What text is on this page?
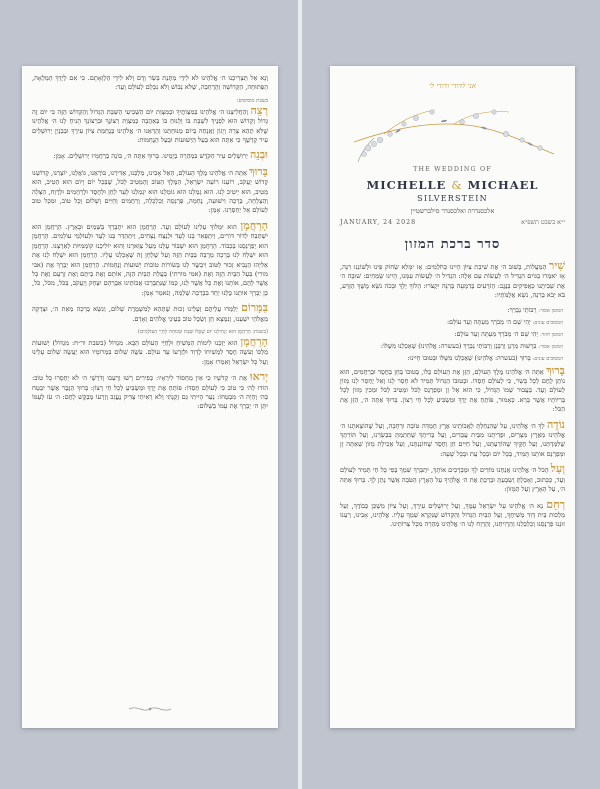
וְנָא אַל תַּצְרִיכֵנוּ ה׳ אֱלֹהֵינוּ לֹא לִידֵי מַתְּנַת בָּשָׂר וָדָם וְלֹא לִידֵי הַלְוָאָתָם. כִּי אִם לְיָדְךָ הַמְּלֵאָה, הַפְּתוּחָה, הַקְּדוֹשָׁה וְהָרְחָבָה, שֶׁלֹּא נֵבוֹשׁ וְלֹא נִכָּלֵם לְעוֹלָם וָעֶד:

בשבת מוסיפים:

רְצֵה וְהַחֲלִיצֵנוּ ה׳ אֱלֹהֵינוּ בְּמִצְוֹתֶיךָ וּבְמִצְוַת יוֹם הַשְּׁבִיעִי הַשַּׁבָּת הַגָּדוֹל וְהַקָּדוֹשׁ הַזֶּה כִּי יוֹם זֶה גָּדוֹל וְקָדוֹשׁ הוּא לְפָנֶיךָ לִשְׁבָּת בּוֹ וְלָנוּחַ בּוֹ בְּאַהֲבָה כְּמִצְוַת רְצוֹנֶךָ וּבִרְצוֹנְךָ הָנִיחַ לָנוּ ה׳ אֱלֹהֵינוּ שֶׁלֹּא תְהֵא צָרָה וְיָגוֹן וַאֲנָחָה בְּיוֹם מְנוּחָתֵנוּ וְהַרְאֵנוּ ה׳ אֱלֹהֵינוּ בְּנֶחָמַת צִיּוֹן עִירֶךָ וּבְבִנְיַן יְרוּשָׁלַיִם עִיר קָדְשֶׁךָ כִּי אַתָּה הוּא בַּעַל הַיְשׁוּעוֹת וּבַעַל הַנֶּחָמוֹת:

וּבְנֵה יְרוּשָׁלַיִם עִיר הַקֹּדֶשׁ בִּמְהֵרָה בְיָמֵינוּ. בָּרוּךְ אַתָּה ה׳, בּוֹנֵה בְרַחֲמָיו יְרוּשָׁלַיִם. אָמֵן:

בָּרוּךְ אַתָּה ה׳ אֱלֹהֵינוּ מֶלֶךְ הָעוֹלָם, הָאֵל אָבִינוּ, מַלְכֵּנוּ, אַדִּירֵנוּ, בּוֹרְאֵנוּ, גּוֹאֲלֵנוּ, יוֹצְרֵנוּ, קְדוֹשֵׁנוּ קְדוֹשׁ יַעֲקֹב, רוֹעֵנוּ רוֹעֵה יִשְׂרָאֵל, הַמֶּלֶךְ הַטּוֹב וְהַמֵּטִיב לַכֹּל, שֶׁבְּכָל יוֹם וָיוֹם הוּא הֵטִיב, הוּא מֵטִיב, הוּא יֵיטִיב לָנוּ. הוּא גְמָלָנוּ הוּא גוֹמְלֵנוּ הוּא יִגְמְלֵנוּ לָעַד לְחֵן וּלְחֶסֶד וּלְרַחֲמִים וּלְרֶוַח, הַצָּלָה וְהַצְלָחָה, בְּרָכָה וִישׁוּעָה, נֶחָמָה, פַּרְנָסָה וְכַלְכָּלָה, וְרַחֲמִים וְחַיִּים וְשָׁלוֹם וְכָל טוֹב, וּמִכָּל טוּב לְעוֹלָם אַל יְחַסְּרֵנוּ. אָמֵן:

הָרַחֲמָן הוּא יִמְלוֹךְ עָלֵינוּ לְעוֹלָם וָעֶד. הָרַחֲמָן הוּא יִתְבָּרַךְ בַּשָּׁמַיִם וּבָאָרֶץ. הָרַחֲמָן הוּא יִשְׁתַּבַּח לְדוֹר דּוֹרִים, וְיִתְפָּאַר בָּנוּ לָעַד וּלְנֵצַח נְצָחִים, וְיִתְהַדַּר בָּנוּ לָעַד וּלְעוֹלְמֵי עוֹלָמִים. הָרַחֲמָן הוּא יְפַרְנְסֵנוּ בְּכָבוֹד. הָרַחֲמָן הוּא יִשְׁבּוֹר עֻלֵּנוּ מֵעַל צַוָּארֵנוּ וְהוּא יוֹלִיכֵנוּ קוֹמְמִיּוּת לְאַרְצֵנוּ. הָרַחֲמָן הוּא יִשְׁלַח לָנוּ בְּרָכָה מְרֻבָּה בַּבַּיִת הַזֶּה וְעַל שֻׁלְחָן זֶה שֶׁאָכַלְנוּ עָלָיו. הָרַחֲמָן הוּא יִשְׁלַח לָנוּ אֶת אֵלִיָּהוּ הַנָּבִיא זָכוּר לַטּוֹב וִיבַשֶּׂר לָנוּ בְּשׂוֹרוֹת טוֹבוֹת יְשׁוּעוֹת וְנֶחָמוֹת. הָרַחֲמָן הוּא יְבָרֵךְ אֶת (אבי מורי) בַּעַל הַבַּיִת הַזֶּה וְאֶת (אמי מורתי) בַּעֲלַת הַבַּיִת הַזֶּה, אוֹתָם וְאֶת בֵּיתָם וְאֶת זַרְעָם וְאֶת כָּל אֲשֶׁר לָהֶם, אוֹתָנוּ וְאֶת כָּל אֲשֶׁר לָנוּ, כְּמוֹ שֶׁנִּתְבָּרְכוּ אֲבוֹתֵינוּ אַבְרָהָם יִצְחָק וְיַעֲקֹב, בַּכֹּל, מִכֹּל, כֹּל, כֵּן יְבָרֵךְ אוֹתָנוּ כֻּלָּנוּ יַחַד בִּבְרָכָה שְׁלֵמָה, וְנֹאמַר אָמֵן:

בַּמָּרוֹם יְלַמְּדוּ עֲלֵיהֶם וְעָלֵינוּ זְכוּת שֶׁתְּהֵא לְמִשְׁמֶרֶת שָׁלוֹם, וְנִשָּׂא בְרָכָה מֵאֵת ה׳, וּצְדָקָה מֵאֱלֹהֵי יִשְׁעֵנוּ, וְנִמְצָא חֵן וְשֵׂכֶל טוֹב בְּעֵינֵי אֱלֹהִים וְאָדָם.

(בשבת: הָרַחֲמָן הוּא יַנְחִילֵנוּ יוֹם שֶׁכֻּלּוֹ שַׁבָּת וּמְנוּחָה לְחַיֵּי הָעוֹלָמִים)

הָרַחֲמָן הוּא יְזַכֵּנוּ לִימוֹת הַמָּשִׁיחַ וּלְחַיֵּי הָעוֹלָם הַבָּא. מִגְדּוֹל (בשבת ור״ח: מִגְדּוֹל) יְשׁוּעוֹת מַלְכּוֹ וְעֹשֶׂה חֶסֶד לִמְשִׁיחוֹ לְדָוִד וּלְזַרְעוֹ עַד עוֹלָם. עֹשֶׂה שָׁלוֹם בִּמְרוֹמָיו הוּא יַעֲשֶׂה שָׁלוֹם עָלֵינוּ וְעַל כָּל יִשְׂרָאֵל וְאִמְרוּ אָמֵן:

יְראוּ אֶת ה׳ קְדֹשָׁיו כִּי אֵין מַחְסוֹר לִירֵאָיו: כְּפִירִים רָשׁוּ וְרָעֵבוּ וְדֹרְשֵׁי ה׳ לֹא יַחְסְרוּ כָל טוֹב: הוֹדוּ לַה׳ כִּי טוֹב כִּי לְעוֹלָם חַסְדּוֹ: פּוֹתֵחַ אֶת יָדֶךָ וּמַשְׂבִּיעַ לְכָל חַי רָצוֹן: בָּרוּךְ הַגֶּבֶר אֲשֶׁר יִבְטַח בַּה׳ וְהָיָה ה׳ מִבְטַחוֹ: נַעַר הָיִיתִי גַּם זָקַנְתִּי וְלֹא רָאִיתִי צַדִּיק נֶעֱזָב וְזַרְעוֹ מְבַקֶּשׁ לָחֶם: ה׳ עֹז לְעַמּוֹ יִתֵּן ה׳ יְבָרֵךְ אֶת עַמּוֹ בַשָּׁלוֹם:

אני לדודי ודודי לי
THE WEDDING OF
MICHELLE & MICHAEL
SILVERSTEIN
אלכסנדרה ואלכסנדר סילברשטיין
JANUARY, 24 2028	י״א בשבט תשפ״א
סדר ברכת המזון

שִׁיר הַמַּעֲלוֹת, בְּשׁוּב ה׳ אֶת שִׁיבַת צִיּוֹן הָיִינוּ כְּחֹלְמִים: אָז יִמָּלֵא שְׂחוֹק פִּינוּ וּלְשׁוֹנֵנוּ רִנָּה, אָז יֹאמְרוּ בַגּוֹיִם הִגְדִּיל ה׳ לַעֲשׂוֹת עִם אֵלֶּה: הִגְדִּיל ה׳ לַעֲשׂוֹת עִמָּנוּ, הָיִינוּ שְׂמֵחִים: שׁוּבָה ה׳ אֶת שְׁבִיתֵנוּ כַּאֲפִיקִים בַּנֶּגֶב: הַזֹּרְעִים בְּדִמְעָה בְּרִנָּה יִקְצֹרוּ: הָלוֹךְ יֵלֵךְ וּבָכֹה נֹשֵׂא מֶשֶׁךְ הַזָּרַע, בֹּא יָבֹא בְרִנָּה, נֹשֵׂא אֲלֻמֹּתָיו:

המזמן אומר: רַבּוֹתַי נְבָרֵךְ:
המסובים עונים: יְהִי שֵׁם ה׳ מְבֹרָךְ מֵעַתָּה וְעַד עוֹלָם:
המזמן חוזר: יְהִי שֵׁם ה׳ מְבֹרָךְ מֵעַתָּה וְעַד עוֹלָם:
המזמן אומר: בִּרְשׁוּת מָרָנָן וְרַבָּנָן וְרַבּוֹתַי נְבָרֵךְ (בעשרה: אֱלֹהֵינוּ) שֶׁאָכַלְנוּ מִשֶּׁלּוֹ:
המסובים עונים: בָּרוּךְ (בעשרה: אֱלֹהֵינוּ) שֶׁאָכַלְנוּ מִשֶּׁלּוֹ וּבְטוּבוֹ חָיִינוּ:

בָּרוּךְ אַתָּה ה׳ אֱלֹהֵינוּ מֶלֶךְ הָעוֹלָם, הַזָּן אֶת הָעוֹלָם כֻּלּוֹ, בְּטוּבוֹ בְּחֵן בְּחֶסֶד וּבְרַחֲמִים, הוּא נוֹתֵן לֶחֶם לְכָל בָּשָׂר, כִּי לְעוֹלָם חַסְדּוֹ. וּבְטוּבוֹ הַגָּדוֹל תָּמִיד לֹא חָסַר לָנוּ וְאַל יֶחְסַר לָנוּ מָזוֹן לְעוֹלָם וָעֶד. בַּעֲבוּר שְׁמוֹ הַגָּדוֹל, כִּי הוּא אֵל זָן וּמְפַרְנֵס לַכֹּל וּמֵטִיב לַכֹּל וּמֵכִין מָזוֹן לְכָל בְּרִיּוֹתָיו אֲשֶׁר בָּרָא. כָּאָמוּר, פּוֹתֵחַ אֶת יָדֶךָ וּמַשְׂבִּיעַ לְכָל חַי רָצוֹן. בָּרוּךְ אַתָּה ה׳, הַזָּן אֶת הַכֹּל:

נוֹדֶה לְךָ ה׳ אֱלֹהֵינוּ, עַל שֶׁהִנְחַלְתָּ לַאֲבוֹתֵינוּ אֶרֶץ חֶמְדָּה טוֹבָה וּרְחָבָה, וְעַל שֶׁהוֹצֵאתָנוּ ה׳ אֱלֹהֵינוּ מֵאֶרֶץ מִצְרַיִם, וּפְדִיתָנוּ מִבֵּית עֲבָדִים, וְעַל בְּרִיתְךָ שֶׁחָתַמְתָּ בִּבְשָׂרֵנוּ, וְעַל תּוֹרָתְךָ שֶׁלִּמַּדְתָּנוּ, וְעַל חֻקֶּיךָ שֶׁהוֹדַעְתָּנוּ, וְעַל חַיִּים חֵן וָחֶסֶד שֶׁחוֹנַנְתָּנוּ, וְעַל אֲכִילַת מָזוֹן שָׁאַתָּה זָן וּמְפַרְנֵס אוֹתָנוּ תָּמִיד, בְּכָל יוֹם וּבְכָל עֵת וּבְכָל שָׁעָה:

וְעַל הַכֹּל ה׳ אֱלֹהֵינוּ אֲנַחְנוּ מוֹדִים לָךְ וּמְבָרְכִים אוֹתָךְ, יִתְבָּרַךְ שִׁמְךָ בְּפִי כָּל חַי תָּמִיד לְעוֹלָם וָעֶד, כַּכָּתוּב, וְאָכַלְתָּ וְשָׂבָעְתָּ וּבֵרַכְתָּ אֶת ה׳ אֱלֹהֶיךָ עַל הָאָרֶץ הַטֹּבָה אֲשֶׁר נָתַן לָךְ. בָּרוּךְ אַתָּה ה׳, עַל הָאָרֶץ וְעַל הַמָּזוֹן:

רַחֵם נָא ה׳ אֱלֹהֵינוּ עַל יִשְׂרָאֵל עַמֶּךָ, וְעַל יְרוּשָׁלַיִם עִירֶךָ, וְעַל צִיּוֹן מִשְׁכַּן כְּבוֹדֶךָ, וְעַל מַלְכוּת בֵּית דָּוִד מְשִׁיחֶךָ, וְעַל הַבַּיִת הַגָּדוֹל וְהַקָּדוֹשׁ שֶׁנִּקְרָא שִׁמְךָ עָלָיו. אֱלֹהֵינוּ, אָבִינוּ, רְעֵנוּ זוּנֵנוּ פַרְנְסֵנוּ וְכַלְכְּלֵנוּ וְהַרְוִיחֵנוּ, וְהַרְוַח לָנוּ ה׳ אֱלֹהֵינוּ מְהֵרָה מִכָּל צָרוֹתֵינוּ.
